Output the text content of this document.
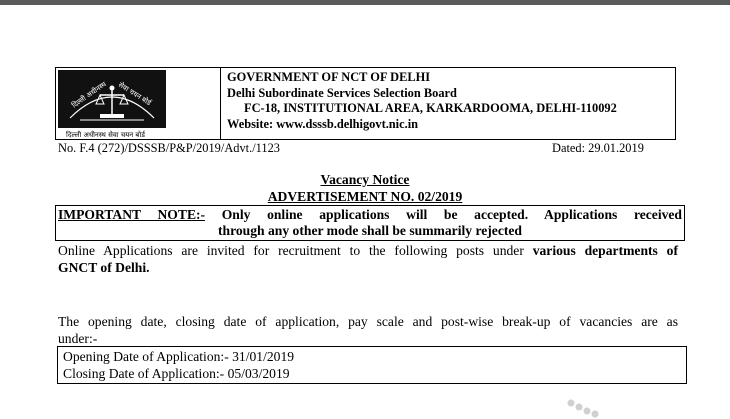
दिल्ली अधीनस्थ सेवा चयन बोर्ड
दिल्ली अधीनस्थ सेवा चयन बोर्ड
GOVERNMENT OF NCT OF DELHI
Delhi Subordinate Services Selection Board
FC-18, INSTITUTIONAL AREA, KARKARDOOMA, DELHI-110092
Website: www.dsssb.delhigovt.nic.in
No. F.4 (272)/DSSSB/P&P/2019/Advt./1123	Dated: 29.01.2019
Vacancy Notice
ADVERTISEMENT NO. 02/2019
IMPORTANT NOTE:- Only online applications will be accepted. Applications received
through any other mode shall be summarily rejected
Online Applications are invited for recruitment to the following posts under various departments of
GNCT of Delhi.
The opening date, closing date of application, pay scale and post-wise break-up of vacancies are as
under:-
Opening Date of Application:- 31/01/2019
Closing Date of Application:- 05/03/2019
